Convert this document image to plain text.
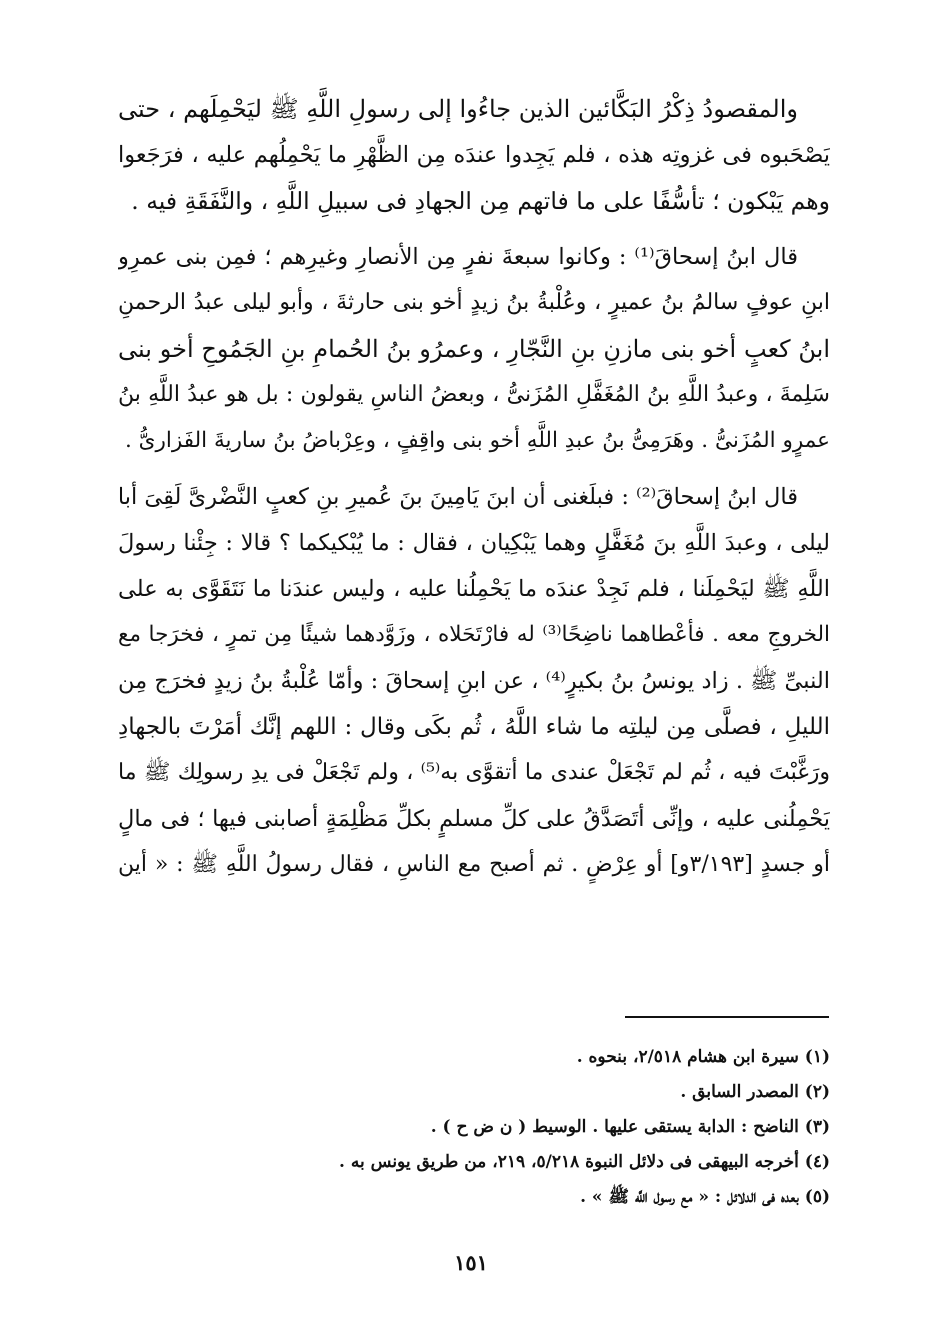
والمقصودُ ذِكْرُ البَكَّائين الذين جاءُوا إلى رسولِ اللَّهِ ﷺ ليَحْمِلَهم ، حتى
يَصْحَبوه فى غزوتِه هذه ، فلم يَجِدوا عندَه مِن الظَّهْرِ ما يَحْمِلُهم عليه ، فرَجَعوا
وهم يَبْكون ؛ تأسُّفًا على ما فاتهم مِن الجهادِ فى سبيلِ اللَّهِ ، والنَّفَقَةِ فيه .
قال ابنُ إسحاقَ⁽¹⁾ : وكانوا سبعةَ نفرٍ مِن الأنصارِ وغيرِهم ؛ فمِن بنى عمرِو
ابنِ عوفٍ سالمُ بنُ عميرٍ ، وعُلْبةُ بنُ زيدٍ أخو بنى حارثةَ ، وأبو ليلى عبدُ الرحمنِ
ابنُ كعبٍ أخو بنى مازنِ بنِ النَّجّارِ ، وعمرُو بنُ الحُمامِ بنِ الجَمُوحِ أخو بنى
سَلِمةَ ، وعبدُ اللَّهِ بنُ المُغَفَّلِ المُزَنىُّ ، وبعضُ الناسِ يقولون : بل هو عبدُ اللَّهِ بنُ
عمرٍو المُزَنىُّ . وهَرَمِىُّ بنُ عبدِ اللَّهِ أخو بنى واقِفٍ ، وعِرْباضُ بنُ ساريةَ الفَزارىُّ .
قال ابنُ إسحاقَ⁽²⁾ : فبلَغنى أن ابنَ يَامِينَ بنَ عُميرِ بنِ كعبٍ النَّضْرىَّ لَقِىَ أبا
ليلى ، وعبدَ اللَّهِ بنَ مُغَفَّلٍ وهما يَبْكِيان ، فقال : ما يُبْكيكما ؟ قالا : جِئْنا رسولَ
اللَّهِ ﷺ ليَحْمِلَنا ، فلم نَجِدْ عندَه ما يَحْمِلُنا عليه ، وليس عندَنا ما نَتَقَوَّى به على
الخروجِ معه . فأعْطاهما ناضِحًا⁽³⁾ له فارْتَحَلاه ، وزَوَّدهما شيئًا مِن تمرٍ ، فخرَجا مع
النبىِّ ﷺ . زاد يونسُ بنُ بكيرٍ⁽⁴⁾ ، عن ابنِ إسحاقَ : وأمّا عُلْبةُ بنُ زيدٍ فخرَج مِن
الليلِ ، فصلَّى مِن ليلتِه ما شاء اللَّهُ ، ثُم بكَى وقال : اللهم إنَّك أمَرْتَ بالجهادِ
ورَغَّبْتَ فيه ، ثُم لم تَجْعَلْ عندى ما أتقوَّى به⁽⁵⁾ ، ولم تَجْعَلْ فى يدِ رسولِك ﷺ ما
يَحْمِلُنى عليه ، وإنِّى أتَصَدَّقُ على كلِّ مسلمٍ بكلِّ مَظْلِمَةٍ أصابنى فيها ؛ فى مالٍ
أو جسدٍ [٣/١٩٣و] أو عِرْضٍ . ثم أصبح مع الناسِ ، فقال رسولُ اللَّهِ ﷺ : « أين
(١) سيرة ابن هشام ٢/٥١٨، بنحوه .
(٢) المصدر السابق .
(٣) الناضح : الدابة يستقى عليها . الوسيط ( ن ض ح ) .
(٤) أخرجه البيهقى فى دلائل النبوة ٥/٢١٨، ٢١٩، من طريق يونس به .
(٥) بعده فى الدلائل : « مع رسول اللَّه ﷺ » .
١٥١
